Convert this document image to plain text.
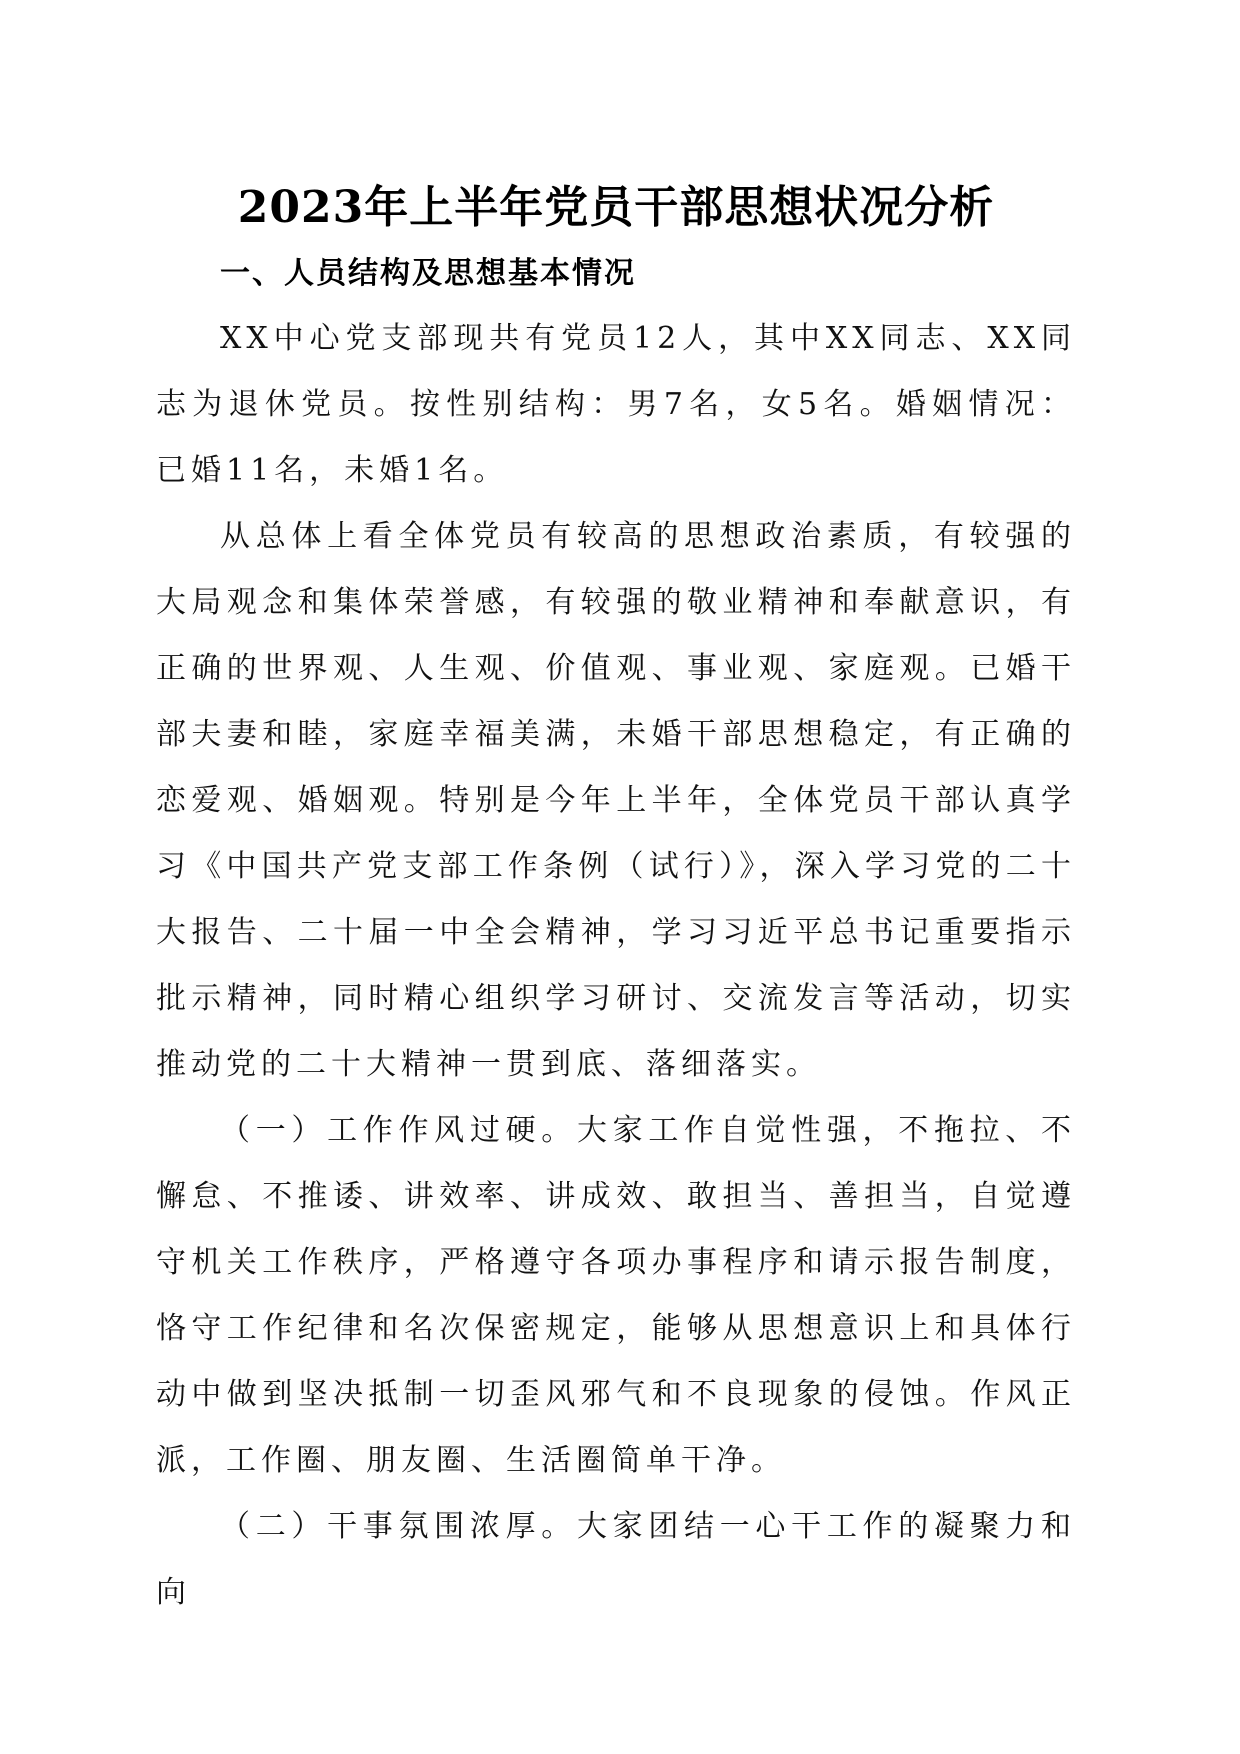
2023年上半年党员干部思想状况分析
一、人员结构及思想基本情况

XX中心党支部现共有党员12人，其中XX同志、XX同志为退休党员。按性别结构：男7名，女5名。婚姻情况：已婚11名，未婚1名。

从总体上看全体党员有较高的思想政治素质，有较强的大局观念和集体荣誉感，有较强的敬业精神和奉献意识，有正确的世界观、人生观、价值观、事业观、家庭观。已婚干部夫妻和睦，家庭幸福美满，未婚干部思想稳定，有正确的恋爱观、婚姻观。特别是今年上半年，全体党员干部认真学习《中国共产党支部工作条例（试行）》，深入学习党的二十大报告、二十届一中全会精神，学习习近平总书记重要指示批示精神，同时精心组织学习研讨、交流发言等活动，切实推动党的二十大精神一贯到底、落细落实。

（一）工作作风过硬。大家工作自觉性强，不拖拉、不懈怠、不推诿、讲效率、讲成效、敢担当、善担当，自觉遵守机关工作秩序，严格遵守各项办事程序和请示报告制度，恪守工作纪律和名次保密规定，能够从思想意识上和具体行动中做到坚决抵制一切歪风邪气和不良现象的侵蚀。作风正派，工作圈、朋友圈、生活圈简单干净。

（二）干事氛围浓厚。大家团结一心干工作的凝聚力和向
